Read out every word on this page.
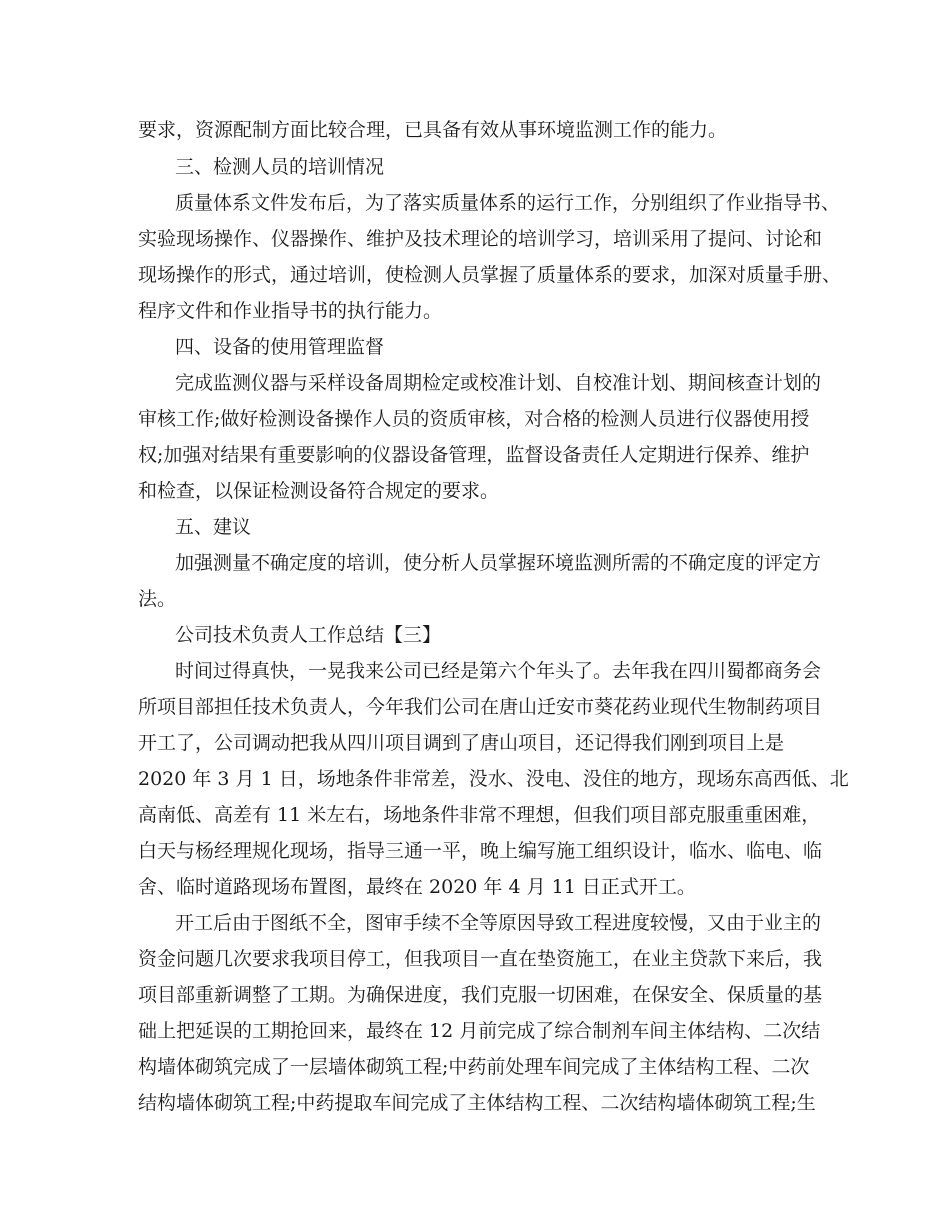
要求，资源配制方面比较合理，已具备有效从事环境监测工作的能力。
三、检测人员的培训情况
质量体系文件发布后，为了落实质量体系的运行工作，分别组织了作业指导书、
实验现场操作、仪器操作、维护及技术理论的培训学习，培训采用了提问、讨论和
现场操作的形式，通过培训，使检测人员掌握了质量体系的要求，加深对质量手册、
程序文件和作业指导书的执行能力。
四、设备的使用管理监督
完成监测仪器与采样设备周期检定或校准计划、自校准计划、期间核查计划的
审核工作;做好检测设备操作人员的资质审核，对合格的检测人员进行仪器使用授
权;加强对结果有重要影响的仪器设备管理，监督设备责任人定期进行保养、维护
和检查，以保证检测设备符合规定的要求。
五、建议
加强测量不确定度的培训，使分析人员掌握环境监测所需的不确定度的评定方
法。
公司技术负责人工作总结【三】
时间过得真快，一晃我来公司已经是第六个年头了。去年我在四川蜀都商务会
所项目部担任技术负责人，今年我们公司在唐山迁安市葵花药业现代生物制药项目
开工了，公司调动把我从四川项目调到了唐山项目，还记得我们刚到项目上是
2020 年 3 月 1 日，场地条件非常差，没水、没电、没住的地方，现场东高西低、北
高南低、高差有 11 米左右，场地条件非常不理想，但我们项目部克服重重困难，
白天与杨经理规化现场，指导三通一平，晚上编写施工组织设计，临水、临电、临
舍、临时道路现场布置图，最终在 2020 年 4 月 11 日正式开工。
开工后由于图纸不全，图审手续不全等原因导致工程进度较慢，又由于业主的
资金问题几次要求我项目停工，但我项目一直在垫资施工，在业主贷款下来后，我
项目部重新调整了工期。为确保进度，我们克服一切困难，在保安全、保质量的基
础上把延误的工期抢回来，最终在 12 月前完成了综合制剂车间主体结构、二次结
构墙体砌筑完成了一层墙体砌筑工程;中药前处理车间完成了主体结构工程、二次
结构墙体砌筑工程;中药提取车间完成了主体结构工程、二次结构墙体砌筑工程;生
